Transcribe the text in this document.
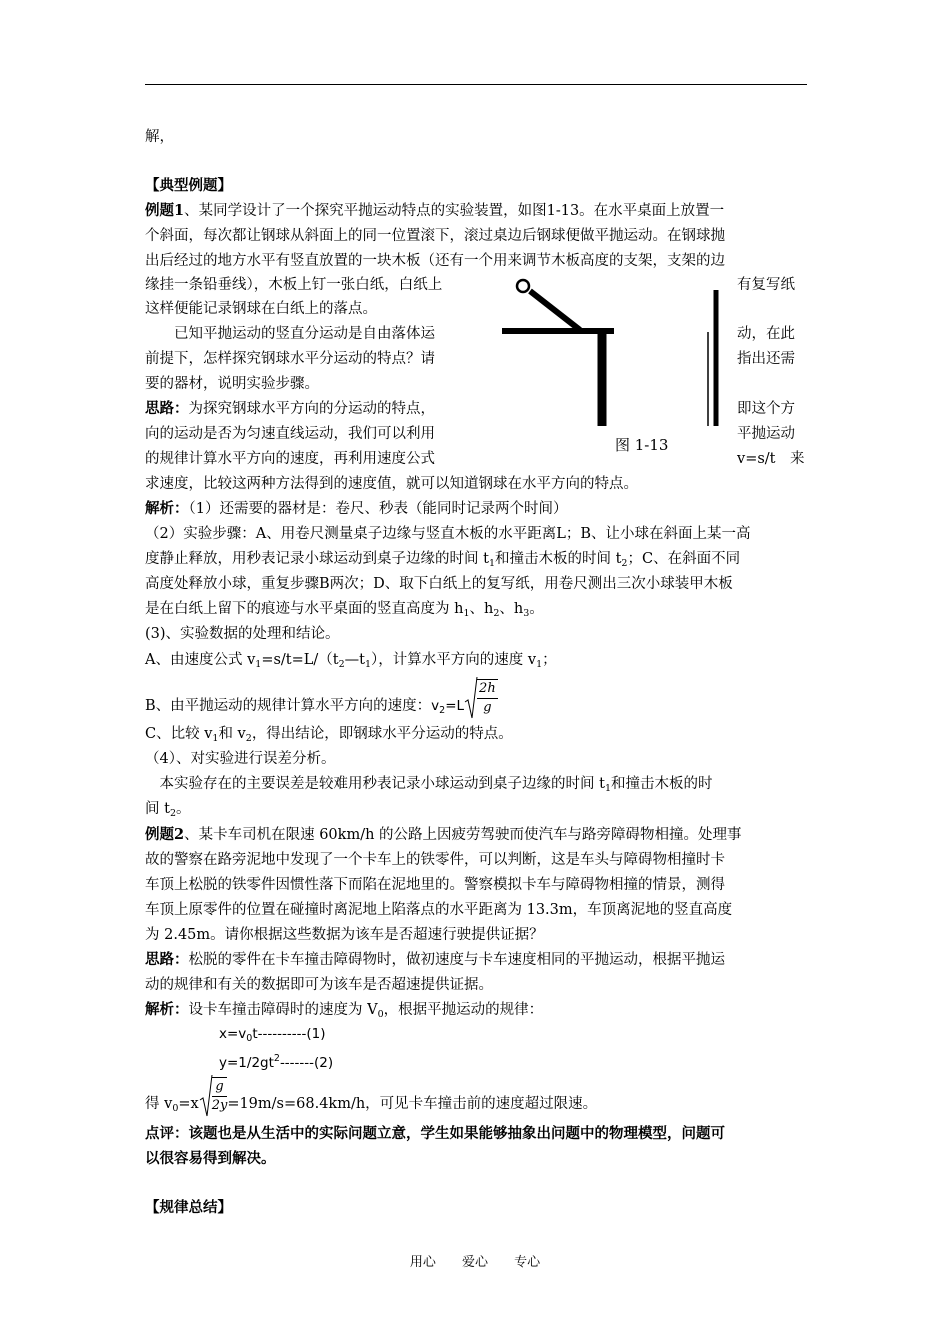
解，
【典型例题】
例题1、某同学设计了一个探究平抛运动特点的实验装置，如图1-13。在水平桌面上放置一
个斜面，每次都让钢球从斜面上的同一位置滚下，滚过桌边后钢球便做平抛运动。在钢球抛
出后经过的地方水平有竖直放置的一块木板（还有一个用来调节木板高度的支架，支架的边
缘挂一条铅垂线），木板上钉一张白纸，白纸上
这样便能记录钢球在白纸上的落点。
　　已知平抛运动的竖直分运动是自由落体运
前提下，怎样探究钢球水平分运动的特点？请
要的器材，说明实验步骤。
思路：为探究钢球水平方向的分运动的特点，
向的运动是否为匀速直线运动，我们可以利用
的规律计算水平方向的速度，再利用速度公式
求速度，比较这两种方法得到的速度值，就可以知道钢球在水平方向的特点。
有复写纸
动，在此
指出还需
即这个方
平抛运动
v=s/t　来
图 1-13
解析：（1）还需要的器材是：卷尺、秒表（能同时记录两个时间）
（2）实验步骤：A、用卷尺测量桌子边缘与竖直木板的水平距离L；B、让小球在斜面上某一高
度静止释放，用秒表记录小球运动到桌子边缘的时间 $t_1$和撞击木板的时间 $t_2$；C、在斜面不同
高度处释放小球，重复步骤B两次；D、取下白纸上的复写纸，用卷尺测出三次小球装甲木板
是在白纸上留下的痕迹与水平桌面的竖直高度为 $h_1$、$h_2$、$h_3$。
(3)、实验数据的处理和结论。
A、由速度公式 $v_1=s/t=L/(t_2—t_1)$，计算水平方向的速度 $v_1$；
B、由平抛运动的规律计算水平方向的速度：$v_2=L \frac{2h}{g}$
C、比较 $v_1$和 $v_2$，得出结论，即钢球水平分运动的特点。
（4）、对实验进行误差分析。
　本实验存在的主要误差是较难用秒表记录小球运动到桌子边缘的时间 $t_1$和撞击木板的时
间 $t_2$。
例题2、某卡车司机在限速 60km/h 的公路上因疲劳驾驶而使汽车与路旁障碍物相撞。处理事
故的警察在路旁泥地中发现了一个卡车上的铁零件，可以判断，这是车头与障碍物相撞时卡
车顶上松脱的铁零件因惯性落下而陷在泥地里的。警察模拟卡车与障碍物相撞的情景，测得
车顶上原零件的位置在碰撞时离泥地上陷落点的水平距离为 13.3m，车顶离泥地的竖直高度
为 2.45m。请你根据这些数据为该车是否超速行驶提供证据？
思路：松脱的零件在卡车撞击障碍物时，做初速度与卡车速度相同的平抛运动，根据平抛运
动的规律和有关的数据即可为该车是否超速提供证据。
解析：设卡车撞击障碍时的速度为 $V_0$，根据平抛运动的规律：
$x=v_0t----------(1)$
$y=1/2gt^2-------(2)$
得 $v_0=x \frac{g}{2y} =19m/s=68.4km/h$，可见卡车撞击前的速度超过限速。
点评：该题也是从生活中的实际问题立意，学生如果能够抽象出问题中的物理模型，问题可
以很容易得到解决。
【规律总结】
用心 爱心 专心
